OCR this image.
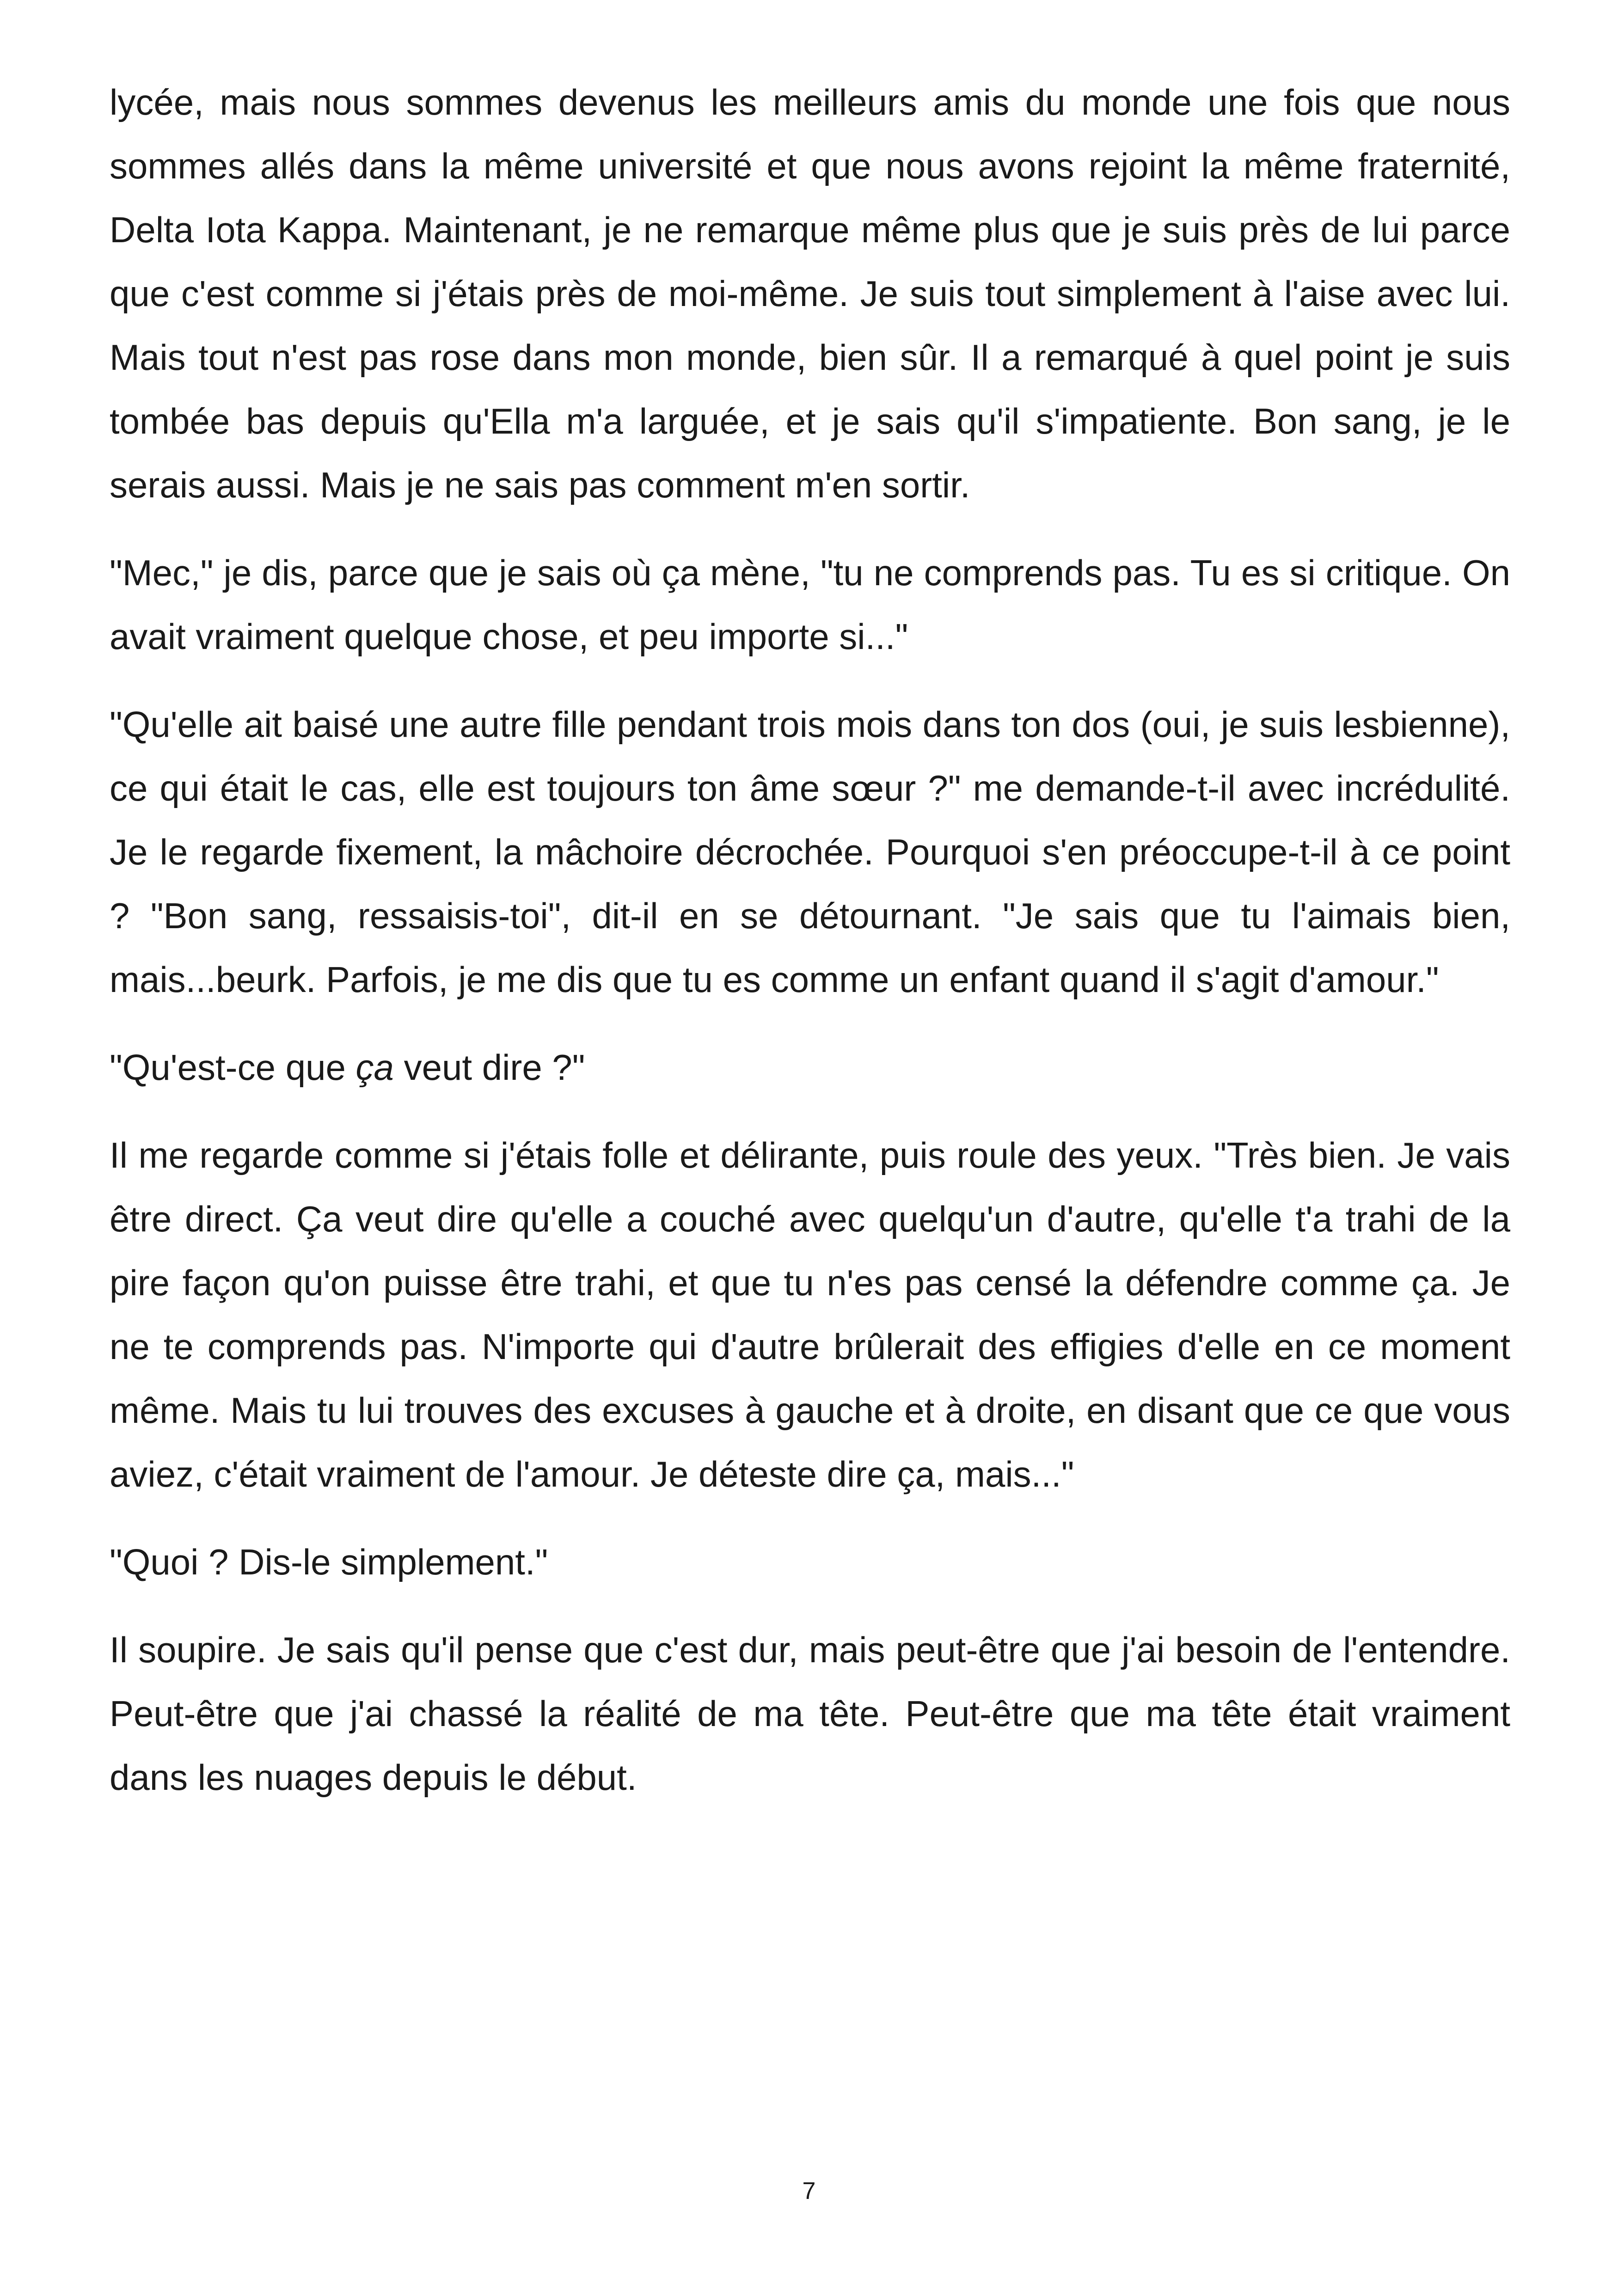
lycée, mais nous sommes devenus les meilleurs amis du monde une fois que nous sommes allés dans la même université et que nous avons rejoint la même fraternité, Delta Iota Kappa. Maintenant, je ne remarque même plus que je suis près de lui parce que c'est comme si j'étais près de moi-même. Je suis tout simplement à l'aise avec lui. Mais tout n'est pas rose dans mon monde, bien sûr. Il a remarqué à quel point je suis tombée bas depuis qu'Ella m'a larguée, et je sais qu'il s'impatiente. Bon sang, je le serais aussi. Mais je ne sais pas comment m'en sortir.

"Mec," je dis, parce que je sais où ça mène, "tu ne comprends pas. Tu es si critique. On avait vraiment quelque chose, et peu importe si..."

"Qu'elle ait baisé une autre fille pendant trois mois dans ton dos (oui, je suis lesbienne), ce qui était le cas, elle est toujours ton âme sœur ?" me demande-t-il avec incrédulité. Je le regarde fixement, la mâchoire décrochée. Pourquoi s'en préoccupe-t-il à ce point ? "Bon sang, ressaisis-toi", dit-il en se détournant. "Je sais que tu l'aimais bien, mais...beurk. Parfois, je me dis que tu es comme un enfant quand il s'agit d'amour."

"Qu'est-ce que ça veut dire ?"

Il me regarde comme si j'étais folle et délirante, puis roule des yeux. "Très bien. Je vais être direct. Ça veut dire qu'elle a couché avec quelqu'un d'autre, qu'elle t'a trahi de la pire façon qu'on puisse être trahi, et que tu n'es pas censé la défendre comme ça. Je ne te comprends pas. N'importe qui d'autre brûlerait des effigies d'elle en ce moment même. Mais tu lui trouves des excuses à gauche et à droite, en disant que ce que vous aviez, c'était vraiment de l'amour. Je déteste dire ça, mais..."

"Quoi ? Dis-le simplement."

Il soupire. Je sais qu'il pense que c'est dur, mais peut-être que j'ai besoin de l'entendre. Peut-être que j'ai chassé la réalité de ma tête. Peut-être que ma tête était vraiment dans les nuages depuis le début.

7
